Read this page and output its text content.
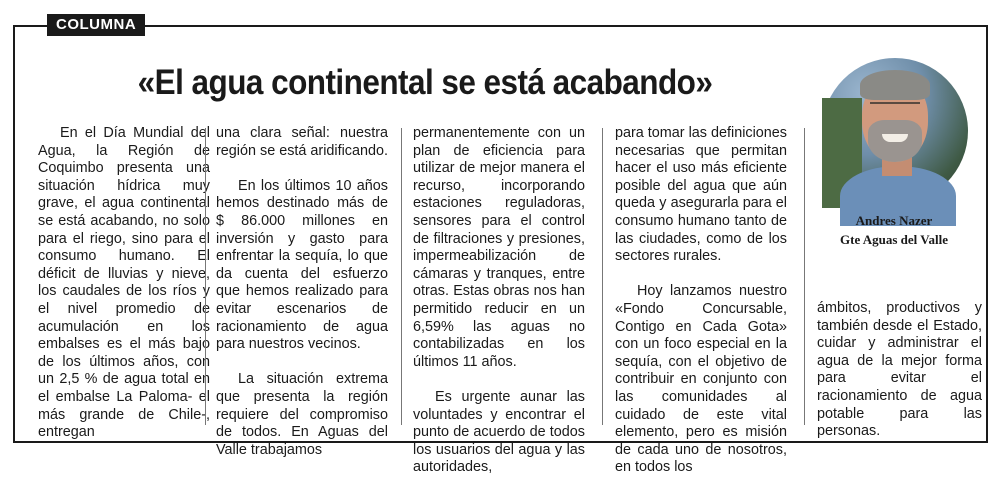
COLUMNA
«El agua continental se está acabando»

En el Día Mundial del Agua, la Región de Coquimbo presenta una situación hídrica muy grave, el agua continental se está acabando, no solo para el riego, sino para el consumo humano. El déficit de lluvias y nieve, los caudales de los ríos y el nivel promedio de acumulación en los embalses es el más bajo de los últimos años, con un 2,5 % de agua total en el embalse La Paloma- el más grande de Chile-, entregan

una clara señal: nuestra región se está aridificando.

En los últimos 10 años hemos destinado más de $ 86.000 millones en inversión y gasto para enfrentar la sequía, lo que da cuenta del esfuerzo que hemos realizado para evitar escenarios de racionamiento de agua para nuestros vecinos.

La situación extrema que presenta la región requiere del compromiso de todos. En Aguas del Valle trabajamos

permanentemente con un plan de eficiencia para utilizar de mejor manera el recurso, incorporando estaciones reguladoras, sensores para el control de filtraciones y presiones, impermeabilización de cámaras y tranques, entre otras. Estas obras nos han permitido reducir en un 6,59% las aguas no contabilizadas en los últimos 11 años.

Es urgente aunar las voluntades y encontrar el punto de acuerdo de todos los usuarios del agua y las autoridades,

para tomar las definiciones necesarias que permitan hacer el uso más eficiente posible del agua que aún queda y asegurarla para el consumo humano tanto de las ciudades, como de los sectores rurales.

Hoy lanzamos nuestro «Fondo Concursable, Contigo en Cada Gota» con un foco especial en la sequía, con el objetivo de contribuir en conjunto con las comunidades al cuidado de este vital elemento, pero es misión de cada uno de nosotros, en todos los

Andres Nazer
Gte Aguas del Valle

ámbitos, productivos y también desde el Estado, cuidar y administrar el agua de la mejor forma para evitar el racionamiento de agua potable para las personas.
